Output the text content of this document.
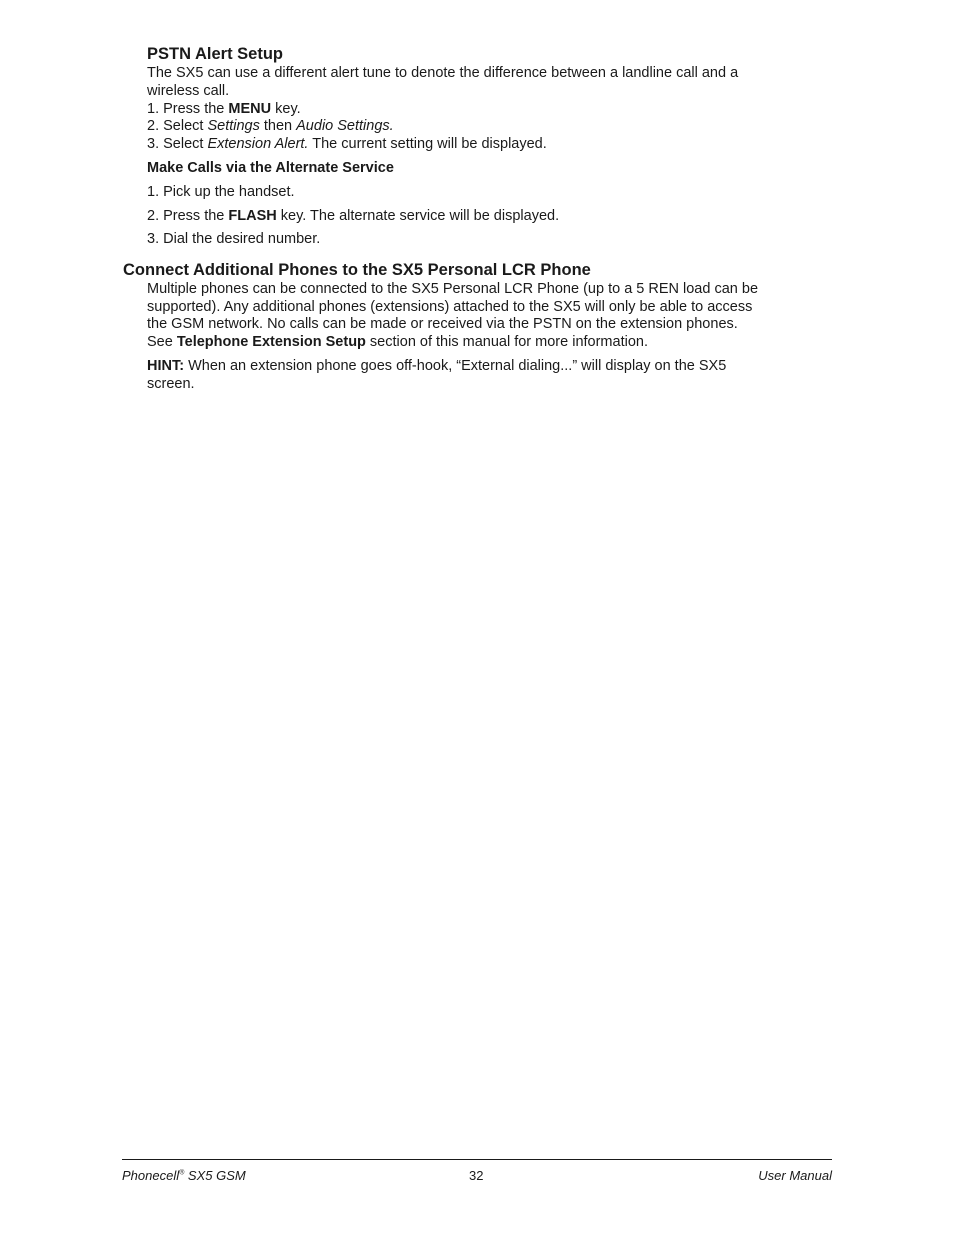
PSTN Alert Setup
The SX5 can use a different alert tune to denote the difference between a landline call and a
wireless call.
1. Press the MENU key.
2. Select Settings then Audio Settings.
3. Select Extension Alert. The current setting will be displayed.
Make Calls via the Alternate Service
1. Pick up the handset.
2. Press the FLASH key. The alternate service will be displayed.
3. Dial the desired number.
Connect Additional Phones to the SX5 Personal LCR Phone
Multiple phones can be connected to the SX5 Personal LCR Phone (up to a 5 REN load can be
supported). Any additional phones (extensions) attached to the SX5 will only be able to access
the GSM network. No calls can be made or received via the PSTN on the extension phones.
See Telephone Extension Setup section of this manual for more information.
HINT: When an extension phone goes off-hook, “External dialing...” will display on the SX5
screen.
Phonecell® SX5 GSM	32	User Manual
